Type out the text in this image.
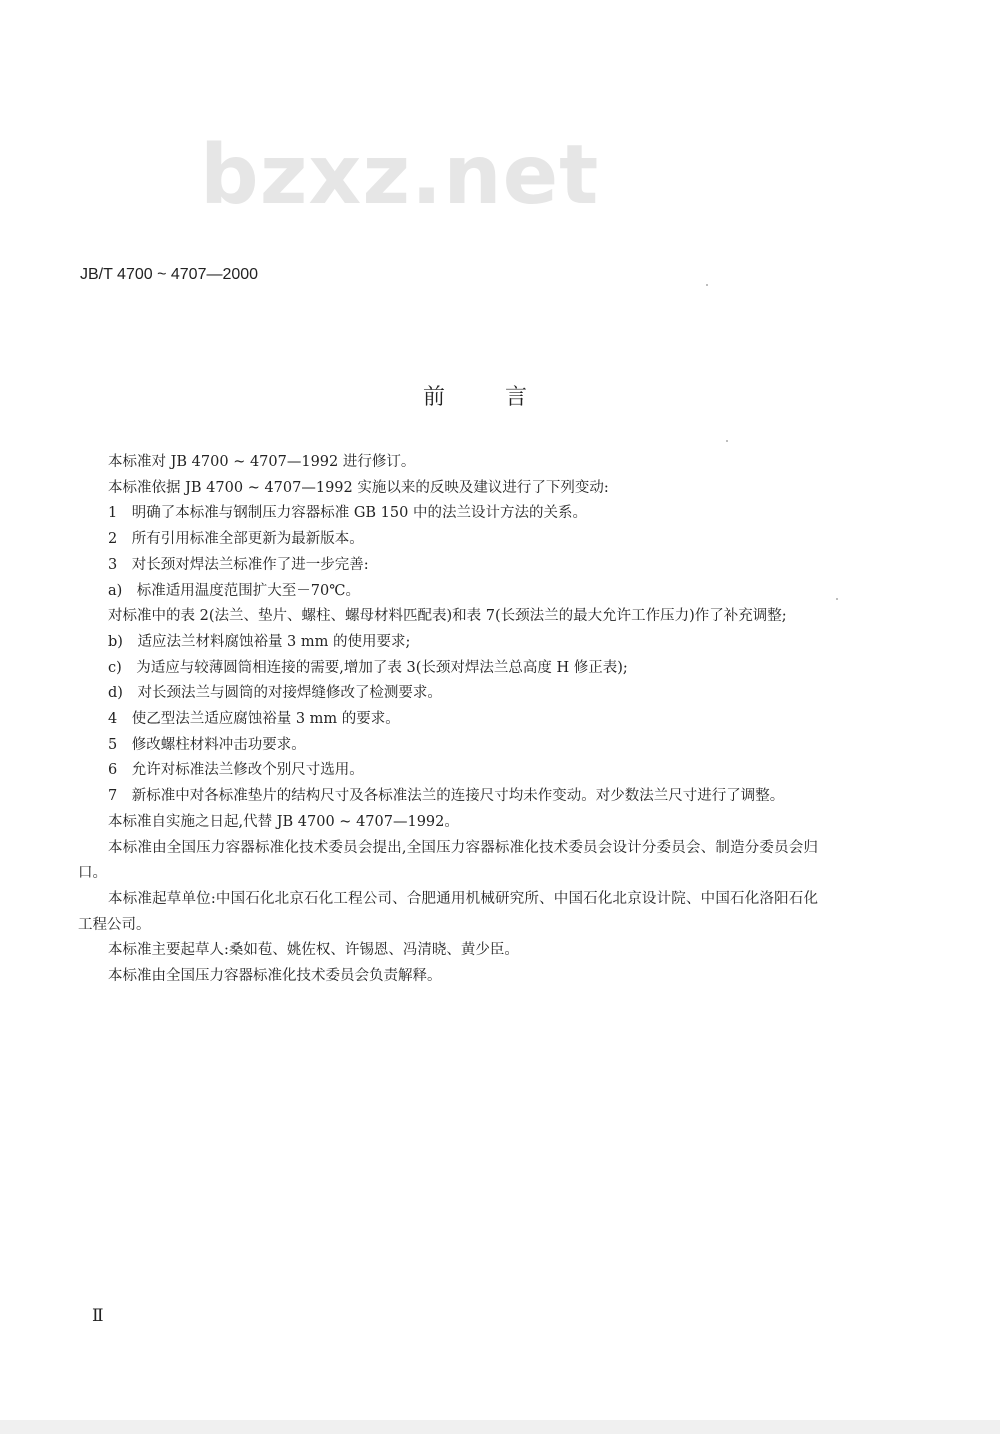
bzxz.net
JB/T 4700 ~ 4707—2000
前言

本标准对 JB 4700 ~ 4707—1992 进行修订。

本标准依据 JB 4700 ~ 4707—1992 实施以来的反映及建议进行了下列变动:

1　明确了本标准与钢制压力容器标准 GB 150 中的法兰设计方法的关系。

2　所有引用标准全部更新为最新版本。

3　对长颈对焊法兰标准作了进一步完善:

a)　标准适用温度范围扩大至－70℃。

对标准中的表 2(法兰、垫片、螺柱、螺母材料匹配表)和表 7(长颈法兰的最大允许工作压力)作了补充调整;

b)　适应法兰材料腐蚀裕量 3 mm 的使用要求;

c)　为适应与较薄圆筒相连接的需要,增加了表 3(长颈对焊法兰总高度 H 修正表);

d)　对长颈法兰与圆筒的对接焊缝修改了检测要求。

4　使乙型法兰适应腐蚀裕量 3 mm 的要求。

5　修改螺柱材料冲击功要求。

6　允许对标准法兰修改个别尺寸选用。

7　新标准中对各标准垫片的结构尺寸及各标准法兰的连接尺寸均未作变动。对少数法兰尺寸进行了调整。

本标准自实施之日起,代替 JB 4700 ~ 4707—1992。

本标准由全国压力容器标准化技术委员会提出,全国压力容器标准化技术委员会设计分委员会、制造分委员会归口。

本标准起草单位:中国石化北京石化工程公司、合肥通用机械研究所、中国石化北京设计院、中国石化洛阳石化工程公司。

本标准主要起草人:桑如苞、姚佐权、许锡恩、冯清晓、黄少臣。

本标准由全国压力容器标准化技术委员会负责解释。

Ⅱ
